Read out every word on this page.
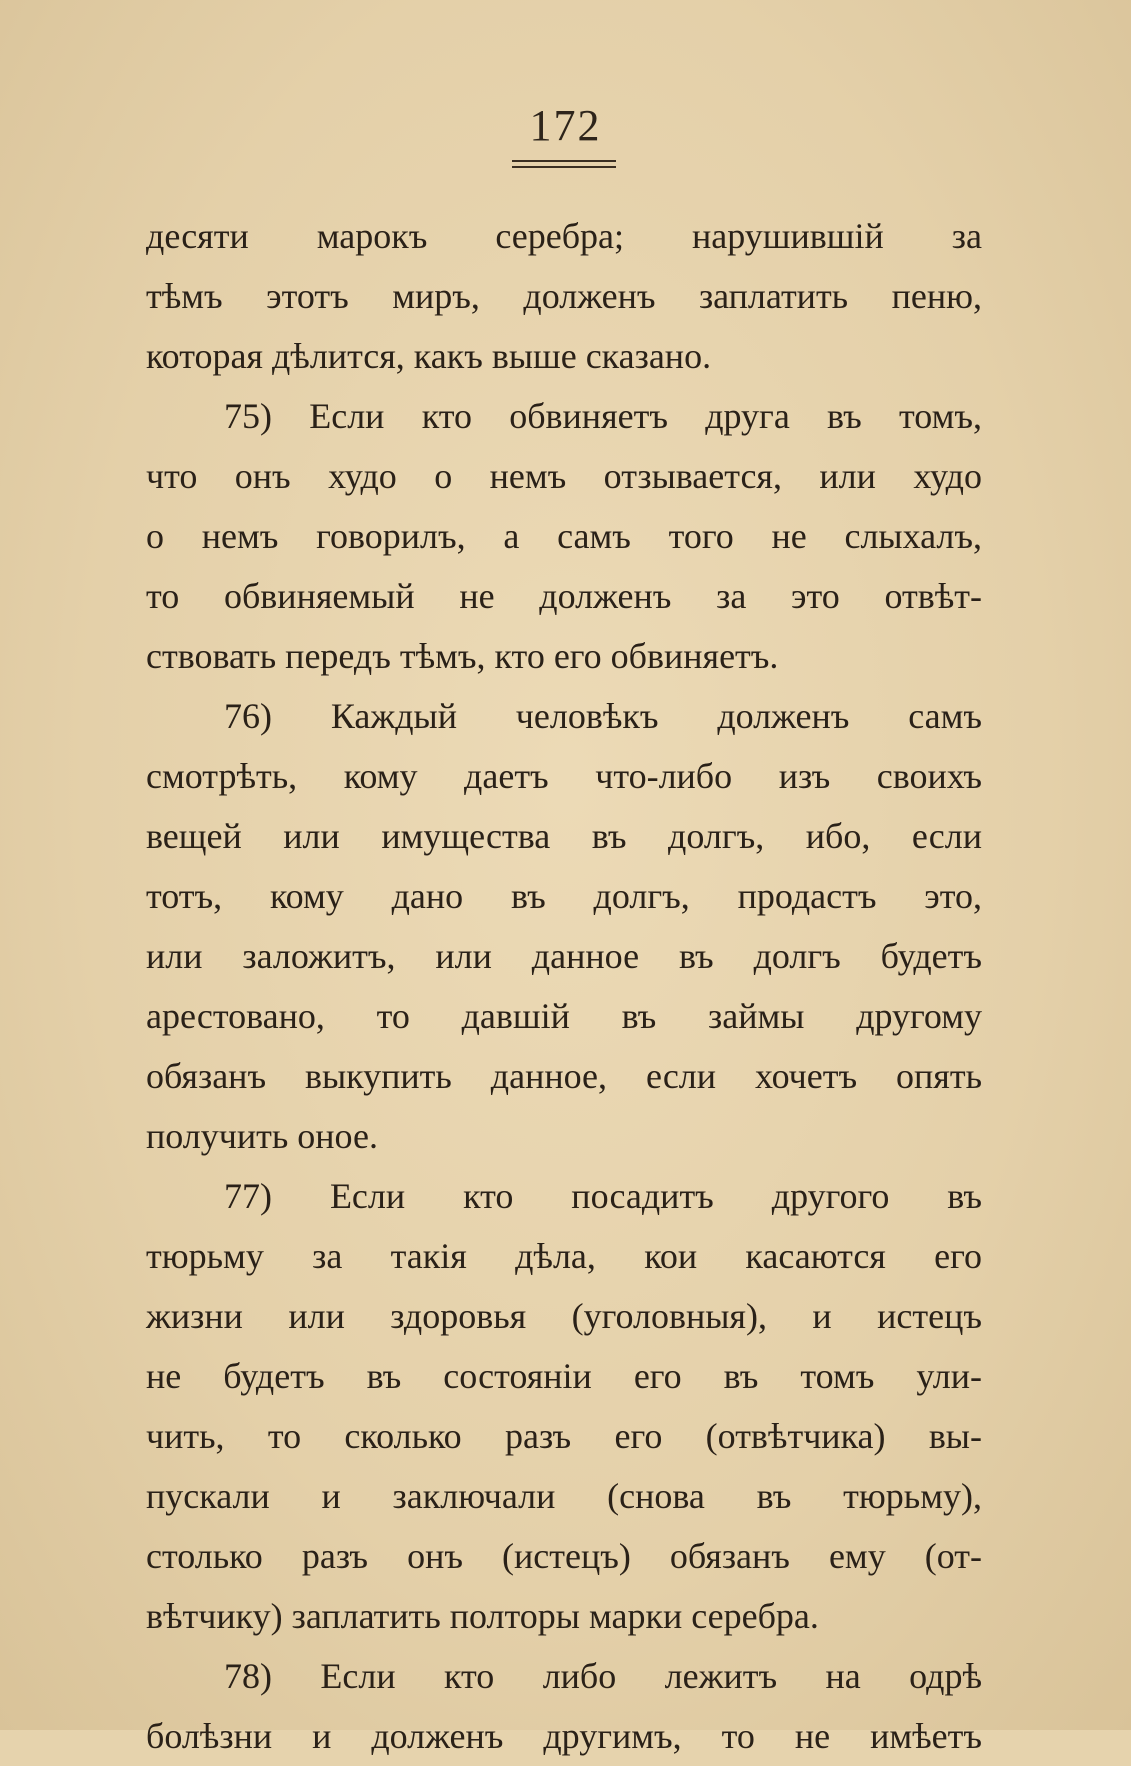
172
десяти марокъ серебра; нарушившій за
тѣмъ этотъ миръ, долженъ заплатить пеню,
которая дѣлится, какъ выше сказано.
75) Если кто обвиняетъ друга въ томъ,
что онъ худо о немъ отзывается, или худо
о немъ говорилъ, а самъ того не слыхалъ,
то обвиняемый не долженъ за это отвѣт-
ствовать передъ тѣмъ, кто его обвиняетъ.
76) Каждый человѣкъ долженъ самъ
смотрѣть, кому даетъ что-либо изъ своихъ
вещей или имущества въ долгъ, ибо, если
тотъ, кому дано въ долгъ, продастъ это,
или заложитъ, или данное въ долгъ будетъ
арестовано, то давшій въ займы другому
обязанъ выкупить данное, если хочетъ опять
получить оное.
77) Если кто посадитъ другого въ
тюрьму за такія дѣла, кои касаются его
жизни или здоровья (уголовныя), и истецъ
не будетъ въ состояніи его въ томъ ули-
чить, то сколько разъ его (отвѣтчика) вы-
пускали и заключали (снова въ тюрьму),
столько разъ онъ (истецъ) обязанъ ему (от-
вѣтчику) заплатить полторы марки серебра.
78) Если кто либо лежитъ на одрѣ
болѣзни и долженъ другимъ, то не имѣетъ
